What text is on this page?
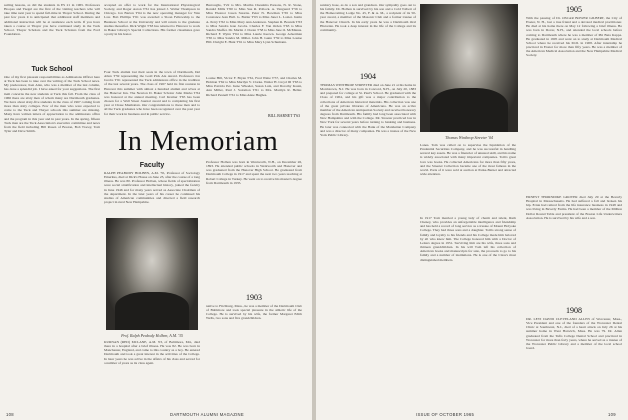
sailing lessons, as did the students in ES 21 in 1965. Professors Hoopes and Yaegel are the first of the visiting teachers who will take time next year to spend full-time in Thayer School. During the past few years it is anticipated that additional staff members and additional instruction will be at residence each term. If you have taken a course at Thayer you have continued study in the Tuck School. Thayer Scholars and the Tuck Scholars from the Ford Foundation.

Tuck School

One of my first pleasant responsibilities as Admissions Officer here at Tuck has been to take over the writing of the Tuck School news. My predecessor, Ken Alan, who was a member of the last column, has done a splendid job. I have asked for your suggestions. The first item concerns the new students at Tuck this fall. From the class of 1966 there are sixty men of whom many are Dartmouth graduates. We have about sixty-five students in the class of 1967 coming from more than sixty colleges. Few of the men who were expected to come to the Tuck and Thayer schools this summer are missing. Many have written letters of appreciation to the admissions office and the program in this year and in past years. In the spring, fifteen Tuck men are the Tuck Association's executive committee and news from the field including Bill Rosen of Boston, Bob Tracey, Tom Tyler and Dave Smith.

accepted an offer to work for the International Physiological Society, and Roger Aaron T'61 has joined J. Walter Thompson in Chicago. Jon Barton T'64 is the new operating manager for Yale Law. Bob Phillips T'61 was awarded a Sloan Fellowship to the Business School at the University and will return to the graduate studies thereafter. Dick Wight T'63 has returned to Hanover to work in Baker Library's Special Collections. His former classmates gave a party in his honor.

Four Tuck alumni lost their seats in the town of Dartmouth, Del Allen T'59 representing the Gold Pick Ale Award. Professors Jon Jacobs T'61 represented the Tuck admissions office in the tradition of the last several years. The class of 1967 held its first reunion in Hanover this summer with almost a hundred alumni and wives at the Hanover Inn. The Newton D. Baker Scholar John Marks T'64 was honored at the annual meeting. Carl Kramer T'65 has been chosen for a Wall Street Journal award and is completing his first year at Chase Manhattan. Our congratulations to these men and to all the Tuck graduates who have been recognized over the past year for their work in business and in public service.

Burroughs, T'22 to Mrs. Martha Chessima Parsons, N. R. Stone, Ronald Mills T'60 to Miss Sue R. Pollock. A. Vanguard T'56 to Miss Eleanor Gwen Stearns. Peter N. Bowman T'65 to Miss Constance Jean Hall. G. Butler T'63 to Miss Janet L. Lozier. Justin A. Perry T'62 to Miss Mary Ann Anderson. Stephen R. Bounds T'63 to Miss Sandra Jean Jacobs. Charles F. Van Orden T'63 to Miss Sandra Shaffer. Dr. Martin J. Doran T'58 to Miss Jane O. McManus. Richard F. Wynn T'64 to Miss Laurie Keown. George Ackerman T'65 to Miss Sandra M. Miller. John H. Gunn T'59 to Miss Louise Hill. Dwight E. Hunt T'61 to Miss Mary Lynn Schumann.

Louise Hill, Victor F. Bryan T'61, Fred Waite T'57, and Charles M. Holman T'62 to Miss Marilyn V. Clarke. Walter H. Lloyd III T'63 to Miss Patricia Pet. Irene Wheeler, Susan Lutz, and Dorothy Kautz, Ann Miller, Paul J. Solomon T'61 to Mrs. Marilyn R. Heller. Richard Pesnell T'61 to Miss Anne Hughes.

BILL BARNET T'63
In Memoriam
Faculty

RALPH PEABODY HOLBEN, A.M. '35, Professor of Sociology Emeritus, died at Dick's House on June 23, after the course of a long illness. He was 80. Professor Holben, whose fields of specialization were social stratification and intellectual history, joined the faculty in June 1946 and for many years served as Associate Chairman of the department. In the later years of his career he continued his studies of American communities and directed a field research project in rural New Hampshire.

Professor Holben was born in Wentworth, N.H., on December 26, 1893. He attended public schools in Wentworth and Hanover and was graduated from the Hanover High School. He graduated from Dartmouth College in 1917 and spent the next two years teaching at Robert College in Turkey. He went on to receive his master's degree from Dartmouth in 1935.

1903

native to Fitchburg, Mass., he was a member of the Dartmouth Club of Baltimore and took special pleasure in the athletic life of the College. He is survived by his wife, the former Margaret Edith Wells, two sons and five grandchildren.

Prof. Ralph Peabody Holben, A.M. '35

KURNAN (RED) MCLANE, A.M. '03, of Baltimore, Md., died there in a hospital after a brief illness. He was 82. He was born in Manchester, England, and came to this country as a boy. He entered Dartmouth and took a great interest in the activities of the College. In later years he was active in the affairs of his class and served for a number of years as its class agent.

108	DARTMOUTH ALUMNI MAGAZINE

sanitary hose, as do a son and grandson. Our sympathy goes out to his family. Dr. Holben is survived by his son and a Cold Tolbert of the Homecoming Lodge No. 45, F. & A. M., a recipient of its 50-year award, a member of the Masonic Club and a former trustee of the Hanover Church. In his early years he was a Dartmouth Oral Historian. He took a deep interest in the life of the College and its community.

1904

THOMAS WINTHROP STREETER died on June 21 at his home in Morristown, N.J. He was born in Concord, N.H., on July 20, 1883 and prepared for college at St. Paul's School. He graduated with the Class of 1904, and his gift was a major contribution to the collections of American historical materials. His collection was one of the great private libraries of Americana. He was an active member of the American Antiquarian Society and received honorary degrees from Dartmouth. His family had long been associated with New Hampshire and with the College. Mr. Streeter practiced law in New York for several years before turning to banking and business. He later was connected with the Bank of the Manhattan Company and was a director of many companies. He was a trustee of the New York Public Library.

Thomas Winthrop Streeter '04

Lanes. Tom was called on to supervise the liquidation of the Prudential Securities Company, and he was successful in handling several key assets. He was a financier of unusual skill, and his name is widely associated with many important companies. Tom's great love was books. He collected Americana for more than fifty years, and the Streeter Collection became one of the most famous in the world. Parts of it were sold at auction at Parke-Bernet and attracted wide attention.

In 1917 Tom married a young lady of charm and talent, Ruth Cheney, who provides an unforgettable intelligence and friendship and has held a record of long service as a trustee of Mount Holyoke College. They had three sons and a daughter. Tom's strong sense of family and loyalty to his friends and his College made him beloved by all who knew him. The College honored him with a Doctor of Letters degree in 1951. Surviving him are his wife, three sons and thirteen grandchildren. In his will Tom left his collection of American books and manuscripts for sale, the proceeds to go to his family and a number of institutions. He is one of the Class's most distinguished members.

1905

With the passing of Dr. OSCAR BOWER GILBERT, the City of Exeter, N. H., lost a true friend and a devoted medical practitioner. He died at his home there on May 12 following a brief illness. He was born in Dover, N.H., and attended the local schools before coming to Dartmouth where he was a member of Phi Beta Kappa. He graduated in 1905 and went on to study at Dartmouth Medical School where he received his M.D. in 1908. After internship he practiced in Exeter for more than fifty years. He was a member of the American Medical Association and the New Hampshire Medical Society.

ERNEST THORNDIKE GROVER died July 29 at the Beverly Hospital in Massachusetts. He had suffered a fall and broken his hip. Ernie had retired from the life insurance business in 1948 and was living in Beverly Farms. He had been a member of the Million Dollar Round Table and president of the Boston Life Underwriters Association. He is survived by his wife and a son.

1908

DR. LEVI DAVID CLEVELAND ALLEN of Worcester, Mass., Vice President and one of the founders of the Worcester Dental Clinic at Southwest, N.J., died of a heart attack on July 26 at his summer home in West Harwich, Mass. He was 79. Dr. Allen graduated from the Tufts College Dental School and practiced in Worcester for more than forty years, where he served as a trustee of the Worcester Public Library and a member of the local school board.

ISSUE OF OCTOBER 1965	109
